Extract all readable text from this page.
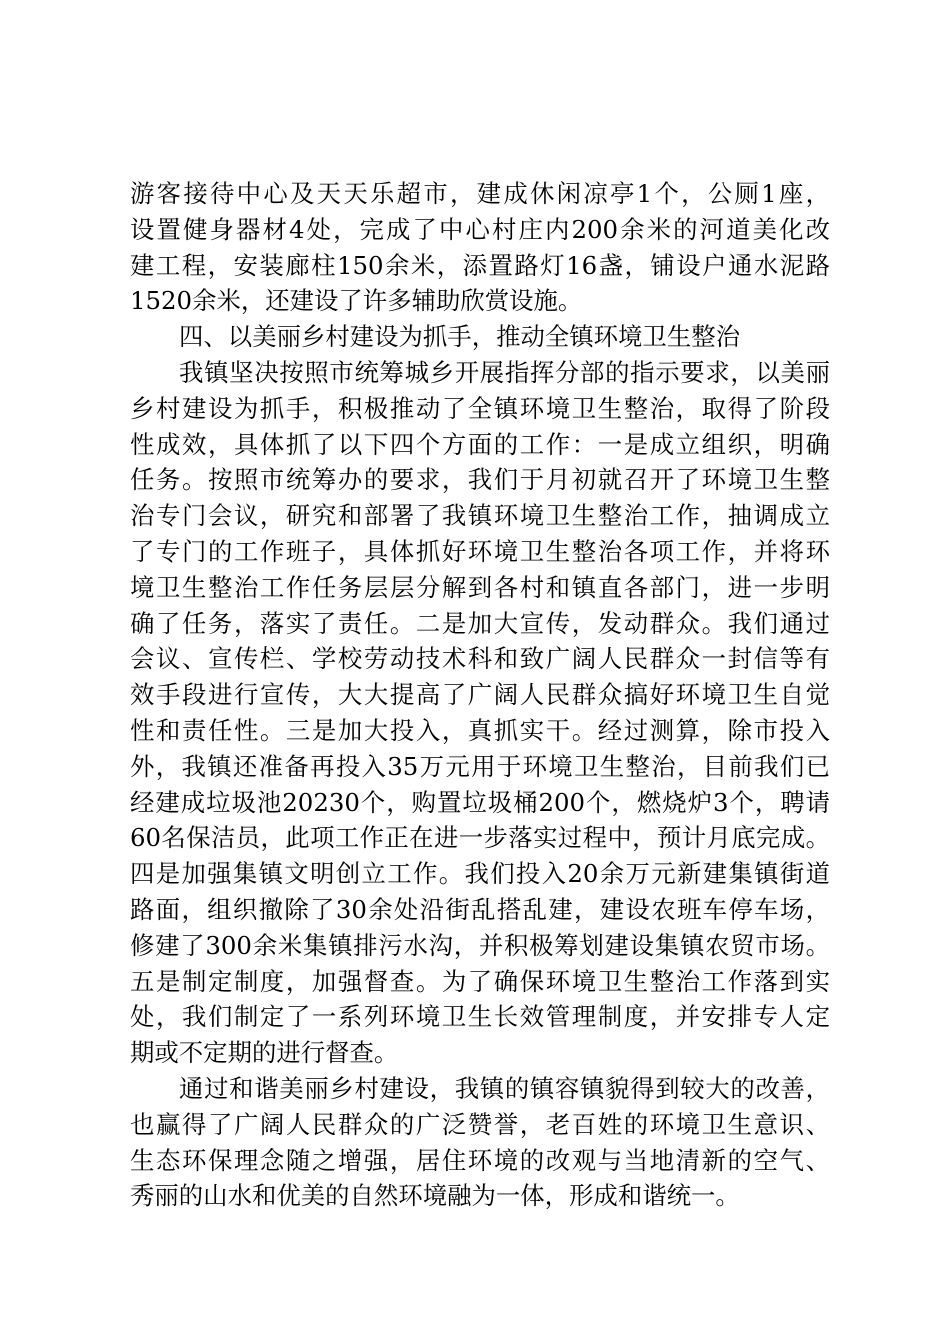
游客接待中心及天天乐超市，建成休闲凉亭1个，公厕1座，
设置健身器材4处，完成了中心村庄内200余米的河道美化改
建工程，安装廊柱150余米，添置路灯16盏，铺设户通水泥路
1520余米，还建设了许多辅助欣赏设施。
四、以美丽乡村建设为抓手，推动全镇环境卫生整治
我镇坚决按照市统筹城乡开展指挥分部的指示要求，以美丽
乡村建设为抓手，积极推动了全镇环境卫生整治，取得了阶段
性成效，具体抓了以下四个方面的工作：一是成立组织，明确
任务。按照市统筹办的要求，我们于月初就召开了环境卫生整
治专门会议，研究和部署了我镇环境卫生整治工作，抽调成立
了专门的工作班子，具体抓好环境卫生整治各项工作，并将环
境卫生整治工作任务层层分解到各村和镇直各部门，进一步明
确了任务，落实了责任。二是加大宣传，发动群众。我们通过
会议、宣传栏、学校劳动技术科和致广阔人民群众一封信等有
效手段进行宣传，大大提高了广阔人民群众搞好环境卫生自觉
性和责任性。三是加大投入，真抓实干。经过测算，除市投入
外，我镇还准备再投入35万元用于环境卫生整治，目前我们已
经建成垃圾池20230个，购置垃圾桶200个，燃烧炉3个，聘请
60名保洁员，此项工作正在进一步落实过程中，预计月底完成。
四是加强集镇文明创立工作。我们投入20余万元新建集镇街道
路面，组织撤除了30余处沿街乱搭乱建，建设农班车停车场，
修建了300余米集镇排污水沟，并积极筹划建设集镇农贸市场。
五是制定制度，加强督查。为了确保环境卫生整治工作落到实
处，我们制定了一系列环境卫生长效管理制度，并安排专人定
期或不定期的进行督查。
通过和谐美丽乡村建设，我镇的镇容镇貌得到较大的改善，
也赢得了广阔人民群众的广泛赞誉，老百姓的环境卫生意识、
生态环保理念随之增强，居住环境的改观与当地清新的空气、
秀丽的山水和优美的自然环境融为一体，形成和谐统一。
